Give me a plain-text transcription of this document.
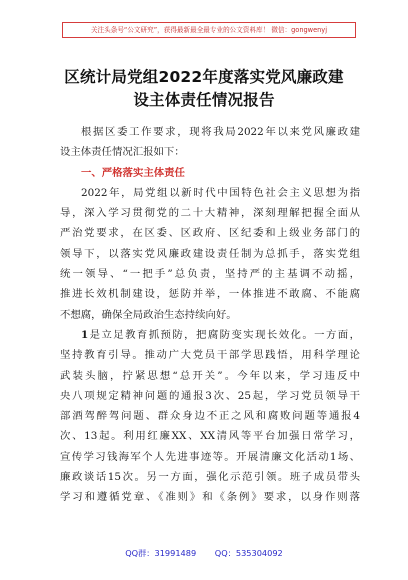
关注头条号“公文研究”，获得最新最全最专业的公文资料库！ 微信：gongwenyj
区统计局党组2022年度落实党风廉政建
设主体责任情况报告
根据区委工作要求，现将我局2022年以来党风廉政建
设主体责任情况汇报如下：
一、严格落实主体责任
2022年，局党组以新时代中国特色社会主义思想为指
导，深入学习贯彻党的二十大精神，深刻理解把握全面从
严治党要求，在区委、区政府、区纪委和上级业务部门的
领导下，以落实党风廉政建设责任制为总抓手，落实党组
统一领导、“一把手”总负责，坚持严的主基调不动摇，
推进长效机制建设，惩防并举，一体推进不敢腐、不能腐
不想腐，确保全局政治生态持续向好。
1是立足教育抓预防，把腐防变实现长效化。一方面，
坚持教育引导。推动广大党员干部学思践悟，用科学理论
武装头脑，拧紧思想“总开关”。今年以来，学习违反中
央八项规定精神问题的通报3次、25起，学习党员领导干
部酒驾醉驾问题、群众身边不正之风和腐败问题等通报4
次、13起。利用红廉XX、XX清风等平台加强日常学习，
宣传学习钱海军个人先进事迹等。开展清廉文化活动1场、
廉政谈话15次。另一方面，强化示范引领。班子成员带头
学习和遵循党章、《准则》和《条例》要求，以身作则落
QQ群：31991489 QQ：535304092
